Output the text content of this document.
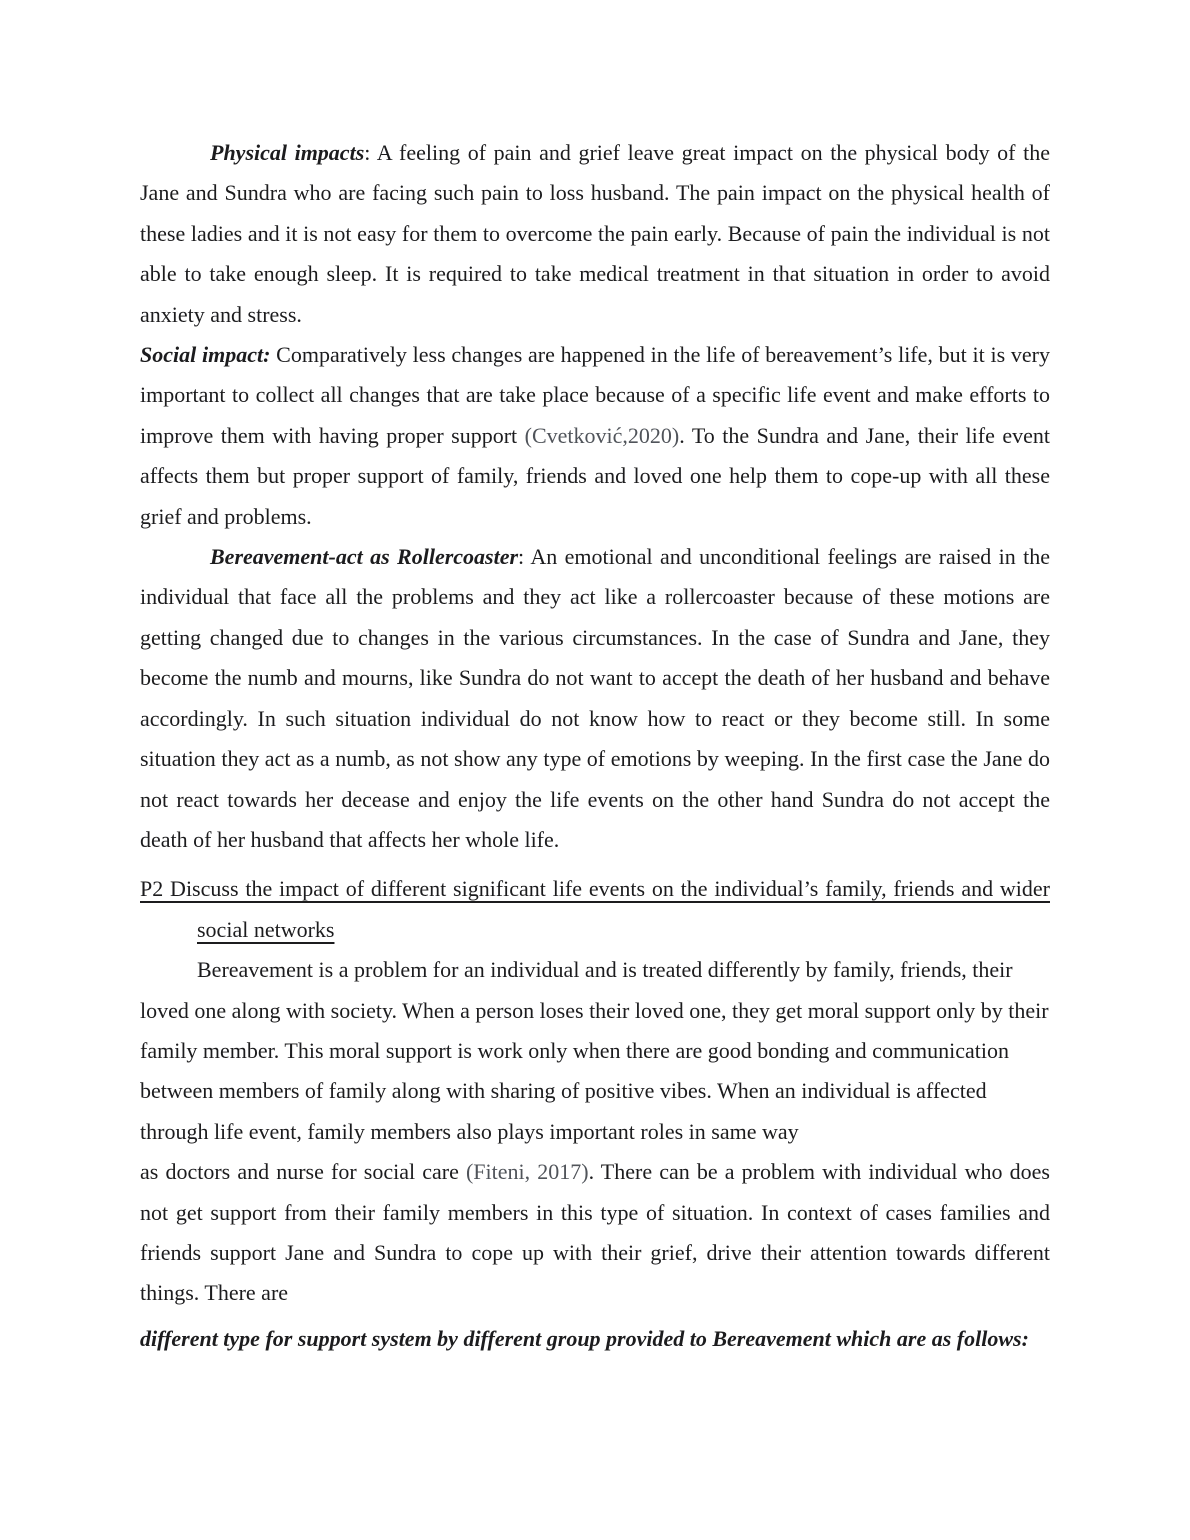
Physical impacts: A feeling of pain and grief leave great impact on the physical body of the Jane and Sundra who are facing such pain to loss husband. The pain impact on the physical health of these ladies and it is not easy for them to overcome the pain early. Because of pain the individual is not able to take enough sleep. It is required to take medical treatment in that situation in order to avoid anxiety and stress.

Social impact: Comparatively less changes are happened in the life of bereavement’s life, but it is very important to collect all changes that are take place because of a specific life event and make efforts to improve them with having proper support (Cvetković,2020). To the Sundra and Jane, their life event affects them but proper support of family, friends and loved one help them to cope-up with all these grief and problems.

Bereavement-act as Rollercoaster: An emotional and unconditional feelings are raised in the individual that face all the problems and they act like a rollercoaster because of these motions are getting changed due to changes in the various circumstances. In the case of Sundra and Jane, they become the numb and mourns, like Sundra do not want to accept the death of her husband and behave accordingly. In such situation individual do not know how to react or they become still. In some situation they act as a numb, as not show any type of emotions by weeping. In the first case the Jane do not react towards her decease and enjoy the life events on the other hand Sundra do not accept the death of her husband that affects her whole life.

P2 Discuss the impact of different significant life events on the individual’s family, friends and wider social networks

Bereavement is a problem for an individual and is treated differently by family, friends, their loved one along with society. When a person loses their loved one, they get moral support only by their family member. This moral support is work only when there are good bonding and communication between members of family along with sharing of positive vibes. When an individual is affected through life event, family members also plays important roles in same way

as doctors and nurse for social care (Fiteni, 2017). There can be a problem with individual who does not get support from their family members in this type of situation. In context of cases families and friends support Jane and Sundra to cope up with their grief, drive their attention towards different things. There are

different type for support system by different group provided to Bereavement which are as follows:
